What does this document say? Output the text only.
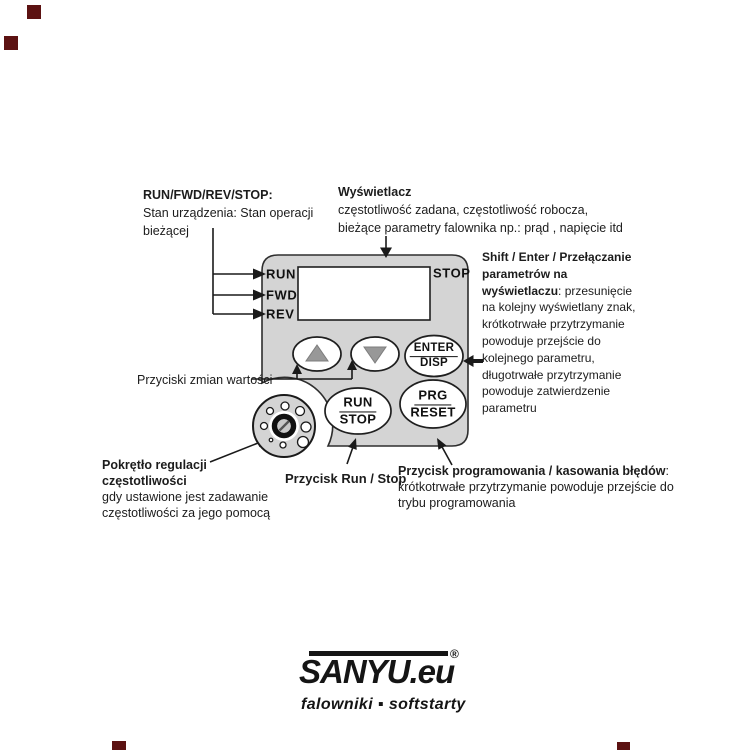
RUN
FWD
REV
STOP
ENTER
DISP
RUN
STOP
PRG
RESET
RUN/FWD/REV/STOP:
Stan urządzenia: Stan operacji
bieżącej
Wyświetlacz
częstotliwość zadana, częstotliwość robocza,
bieżące parametry falownika np.: prąd , napięcie itd
Shift / Enter / Przełączanie parametrów na wyświetlaczu: przesunięcie na kolejny wyświetlany znak, krótkotrwałe przytrzymanie powoduje przejście do kolejnego parametru, długotrwałe przytrzymanie powoduje zatwierdzenie parametru
Przyciski zmian wartości
Pokrętło regulacji częstotliwości
gdy ustawione jest zadawanie
częstotliwości za jego pomocą
Przycisk Run / Stop
Przycisk programowania / kasowania błędów: krótkotrwałe przytrzymanie powoduje przejście do trybu programowania
SANYU.eu
®
falowniki ▪ softstarty
